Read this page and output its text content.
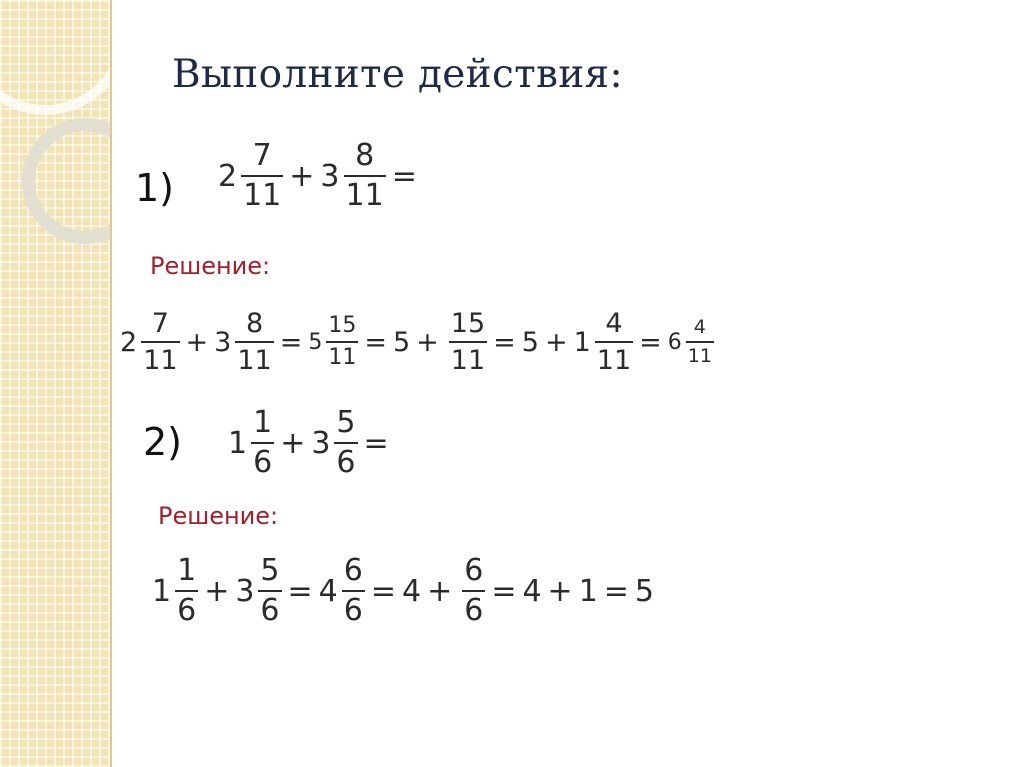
Выполните действия:
1) $2 \frac{7}{11} + 3 \frac{8}{11}$ =
Решение:
$2 \frac{7}{11} + 3 \frac{8}{11} = 5 \frac{15}{11} = 5 + \frac{15}{11} = 5 + 1 \frac{4}{11} = 6 \frac{4}{11}$
2) $1 \frac{1}{6} + 3 \frac{5}{6}$ =
Решение:
$1 \frac{1}{6} + 3 \frac{5}{6} = 4 \frac{6}{6} = 4 + \frac{6}{6} = 4 + 1 = 5$
